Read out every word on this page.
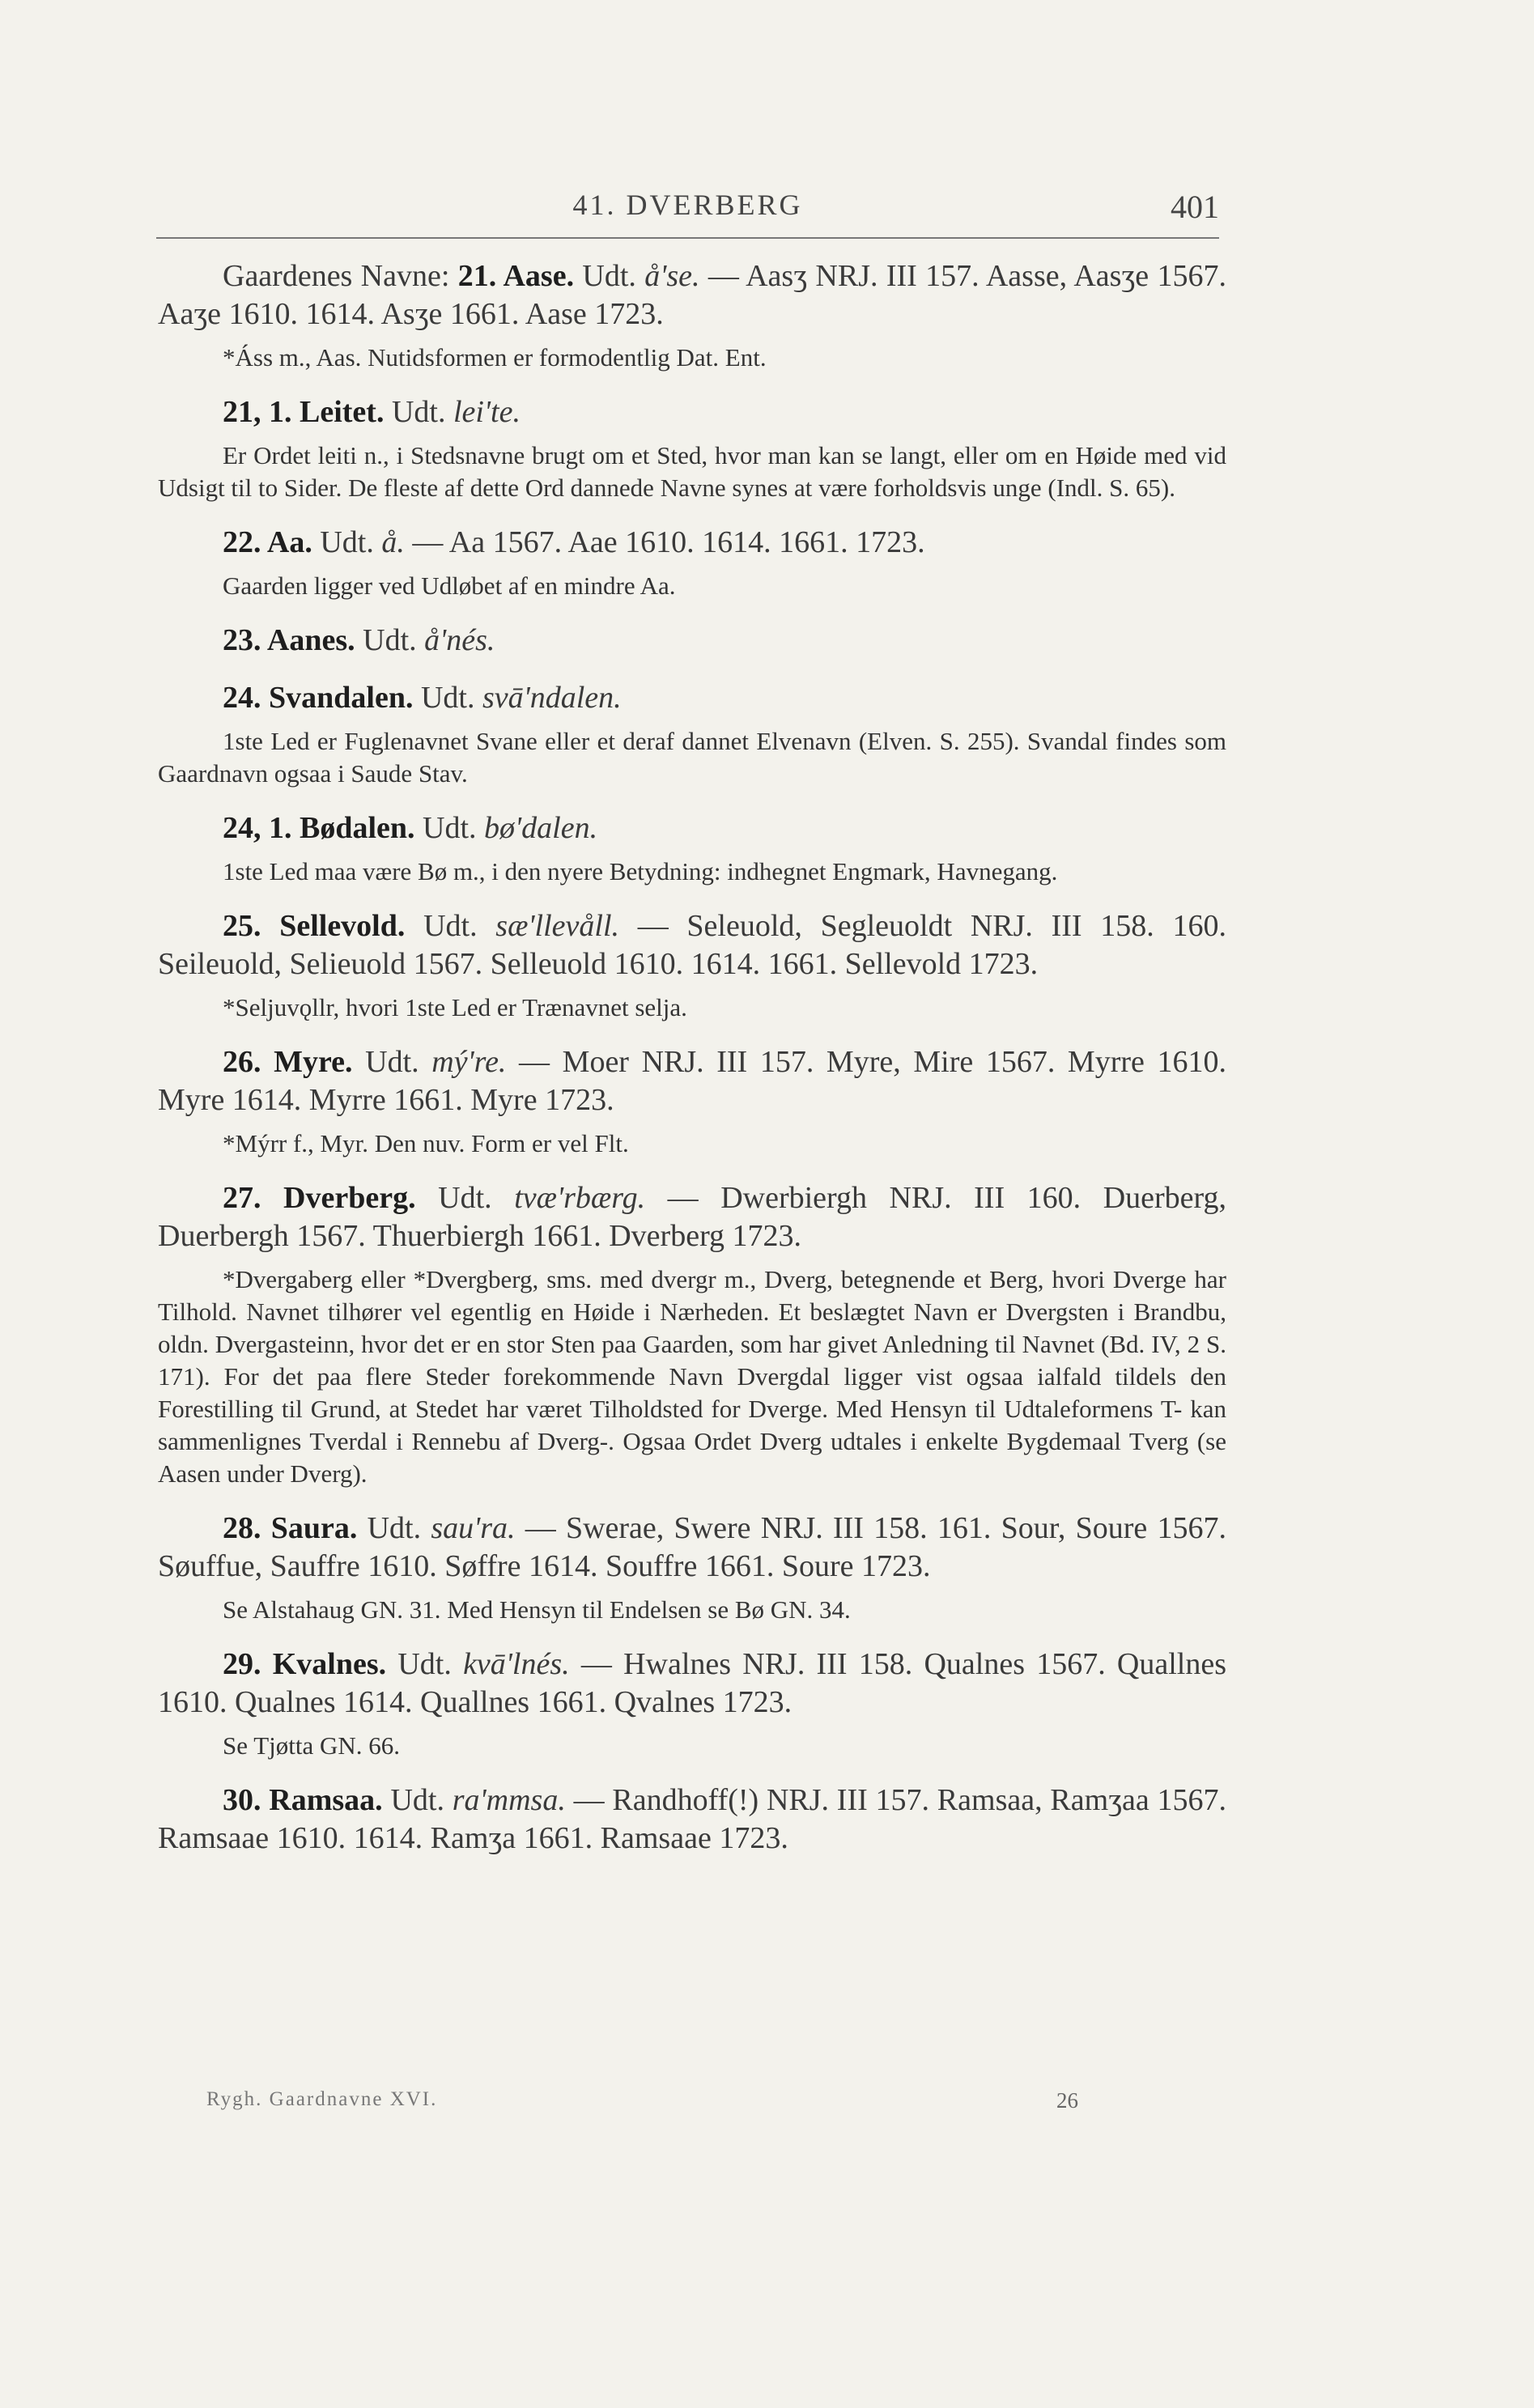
41. DVERBERG	401

Gaardenes Navne: 21. Aase. Udt. å'se. — Aasʒ NRJ. III 157. Aasse, Aasʒe 1567. Aaʒe 1610. 1614. Asʒe 1661. Aase 1723.

*Áss m., Aas. Nutidsformen er formodentlig Dat. Ent.

21, 1. Leitet. Udt. lei'te.

Er Ordet leiti n., i Stedsnavne brugt om et Sted, hvor man kan se langt, eller om en Høide med vid Udsigt til to Sider. De fleste af dette Ord dannede Navne synes at være forholdsvis unge (Indl. S. 65).

22. Aa. Udt. å. — Aa 1567. Aae 1610. 1614. 1661. 1723.

Gaarden ligger ved Udløbet af en mindre Aa.

23. Aanes. Udt. å'nés.

24. Svandalen. Udt. svā'ndalen.

1ste Led er Fuglenavnet Svane eller et deraf dannet Elvenavn (Elven. S. 255). Svandal findes som Gaardnavn ogsaa i Saude Stav.

24, 1. Bødalen. Udt. bø'dalen.

1ste Led maa være Bø m., i den nyere Betydning: indhegnet Engmark, Havnegang.

25. Sellevold. Udt. sæ'llevåll. — Seleuold, Segleuoldt NRJ. III 158. 160. Seileuold, Selieuold 1567. Selleuold 1610. 1614. 1661. Sellevold 1723.

*Seljuvǫllr, hvori 1ste Led er Trænavnet selja.

26. Myre. Udt. mý're. — Moer NRJ. III 157. Myre, Mire 1567. Myrre 1610. Myre 1614. Myrre 1661. Myre 1723.

*Mýrr f., Myr. Den nuv. Form er vel Flt.

27. Dverberg. Udt. tvæ'rbærg. — Dwerbiergh NRJ. III 160. Duerberg, Duerbergh 1567. Thuerbiergh 1661. Dverberg 1723.

*Dvergaberg eller *Dvergberg, sms. med dvergr m., Dverg, betegnende et Berg, hvori Dverge har Tilhold. Navnet tilhører vel egentlig en Høide i Nærheden. Et beslægtet Navn er Dvergsten i Brandbu, oldn. Dvergasteinn, hvor det er en stor Sten paa Gaarden, som har givet Anledning til Navnet (Bd. IV, 2 S. 171). For det paa flere Steder forekommende Navn Dvergdal ligger vist ogsaa ialfald tildels den Forestilling til Grund, at Stedet har været Tilholdsted for Dverge. Med Hensyn til Udtaleformens T- kan sammenlignes Tverdal i Rennebu af Dverg-. Ogsaa Ordet Dverg udtales i enkelte Bygdemaal Tverg (se Aasen under Dverg).

28. Saura. Udt. sau'ra. — Swerae, Swere NRJ. III 158. 161. Sour, Soure 1567. Søuffue, Sauffre 1610. Søffre 1614. Souffre 1661. Soure 1723.

Se Alstahaug GN. 31. Med Hensyn til Endelsen se Bø GN. 34.

29. Kvalnes. Udt. kvā'lnés. — Hwalnes NRJ. III 158. Qualnes 1567. Quallnes 1610. Qualnes 1614. Quallnes 1661. Qvalnes 1723.

Se Tjøtta GN. 66.

30. Ramsaa. Udt. ra'mmsa. — Randhoff(!) NRJ. III 157. Ramsaa, Ramʒaa 1567. Ramsaae 1610. 1614. Ramʒa 1661. Ramsaae 1723.

Rygh. Gaardnavne XVI.	26
